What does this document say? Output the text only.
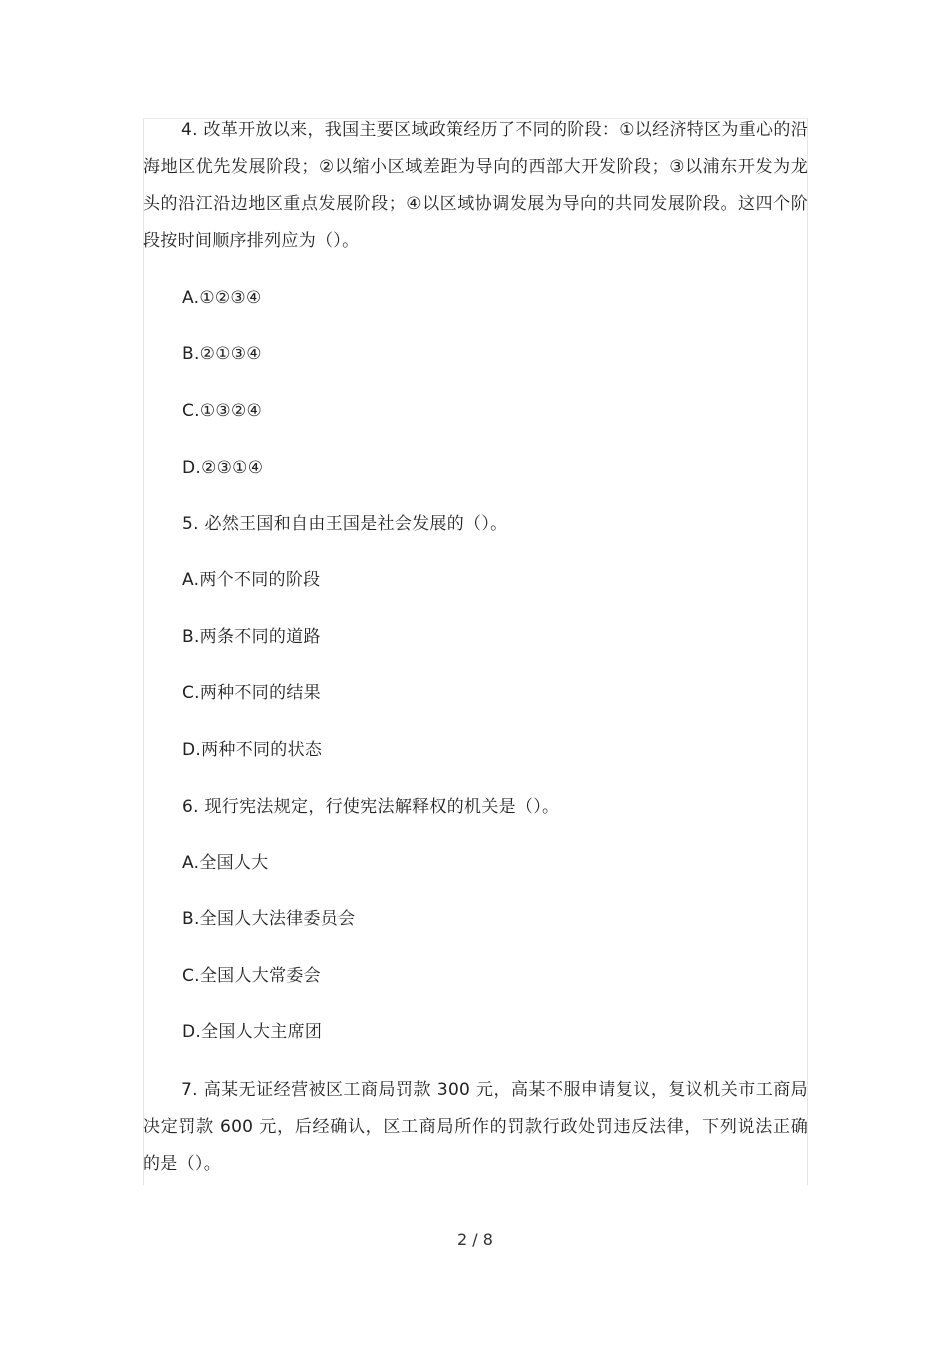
4. 改革开放以来，我国主要区域政策经历了不同的阶段：①以经济特区为重心的沿海地区优先发展阶段；②以缩小区域差距为导向的西部大开发阶段；③以浦东开发为龙头的沿江沿边地区重点发展阶段；④以区域协调发展为导向的共同发展阶段。这四个阶段按时间顺序排列应为（）。
A.①②③④
B.②①③④
C.①③②④
D.②③①④
5. 必然王国和自由王国是社会发展的（）。
A.两个不同的阶段
B.两条不同的道路
C.两种不同的结果
D.两种不同的状态
6. 现行宪法规定，行使宪法解释权的机关是（）。
A.全国人大
B.全国人大法律委员会
C.全国人大常委会
D.全国人大主席团
7. 高某无证经营被区工商局罚款 300 元，高某不服申请复议，复议机关市工商局决定罚款 600 元，后经确认，区工商局所作的罚款行政处罚违反法律，下列说法正确的是（）。
2 / 8
